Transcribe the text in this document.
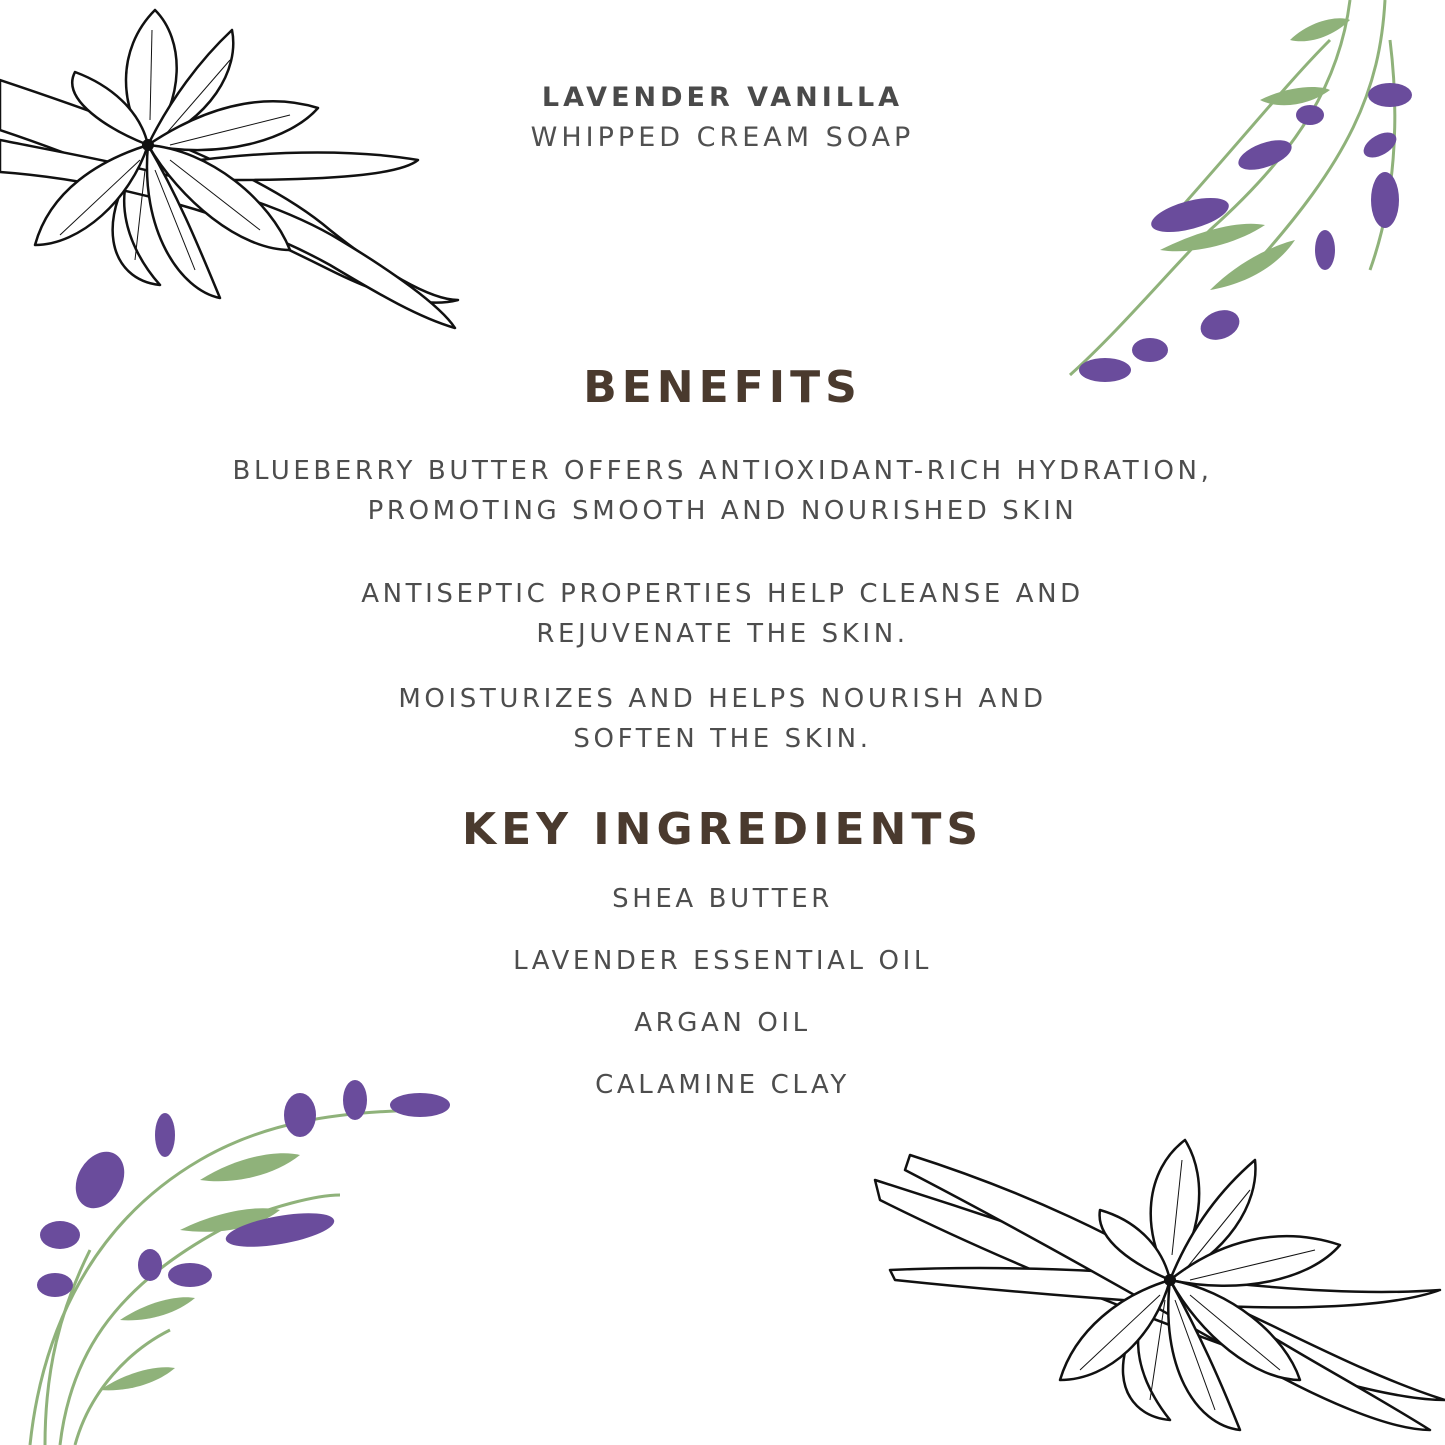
LAVENDER VANILLA
WHIPPED CREAM SOAP
BENEFITS
BLUEBERRY BUTTER OFFERS ANTIOXIDANT-RICH HYDRATION,
PROMOTING SMOOTH AND NOURISHED SKIN
ANTISEPTIC PROPERTIES HELP CLEANSE AND
REJUVENATE THE SKIN.
MOISTURIZES AND HELPS NOURISH AND
SOFTEN THE SKIN.
KEY INGREDIENTS
SHEA BUTTER
LAVENDER ESSENTIAL OIL
ARGAN OIL
CALAMINE CLAY
